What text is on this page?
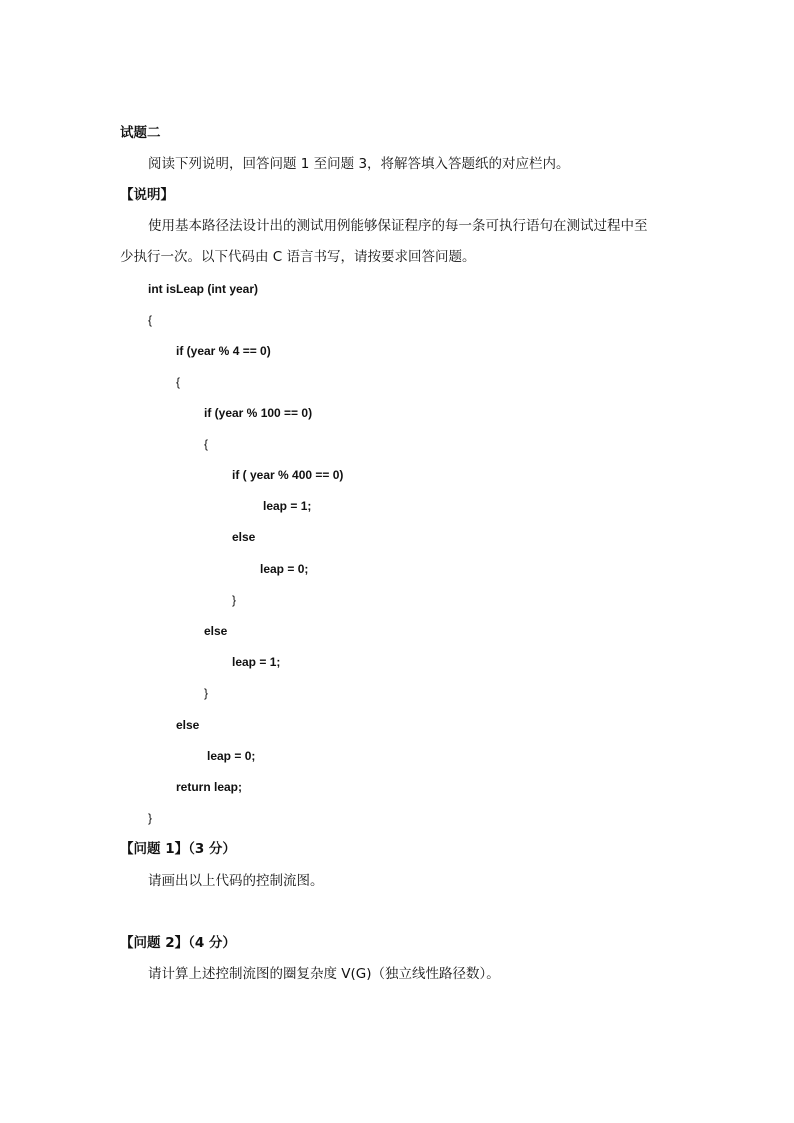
试题二
阅读下列说明，回答问题 1 至问题 3，将解答填入答题纸的对应栏内。
【说明】
使用基本路径法设计出的测试用例能够保证程序的每一条可执行语句在测试过程中至
少执行一次。以下代码由 C 语言书写，请按要求回答问题。
int isLeap (int year)
{
if (year % 4 == 0)
{
if (year % 100 == 0)
{
if ( year % 400 == 0)
leap = 1;
else
leap = 0;
}
else
leap = 1;
}
else
leap = 0;
return leap;
}
【问题 1】（3 分）
请画出以上代码的控制流图。
【问题 2】（4 分）
请计算上述控制流图的圈复杂度 V(G)（独立线性路径数）。
